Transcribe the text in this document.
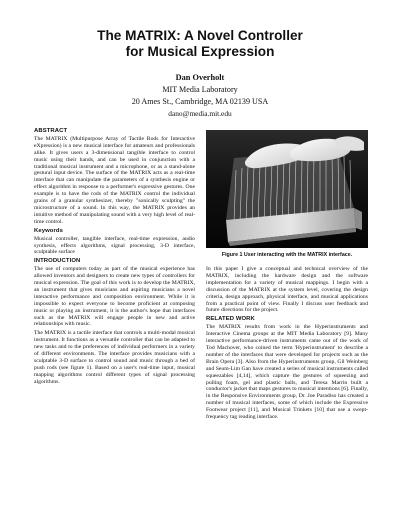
The MATRIX: A Novel Controller
for Musical Expression
Dan Overholt
MIT Media Laboratory
20 Ames St., Cambridge, MA 02139 USA
dano@media.mit.edu
ABSTRACT

The MATRIX (Multipurpose Array of Tactile Rods for Interactive eXpression) is a new musical interface for amateurs and professionals alike. It gives users a 3-dimensional tangible interface to control music using their hands, and can be used in conjunction with a traditional musical instrument and a microphone, or as a stand-alone gestural input device. The surface of the MATRIX acts as a real-time interface that can manipulate the parameters of a synthesis engine or effect algorithm in response to a performer's expressive gestures. One example is to have the rods of the MATRIX control the individual grains of a granular synthesizer, thereby "sonically sculpting" the microstructure of a sound. In this way, the MATRIX provides an intuitive method of manipulating sound with a very high level of real-time control.

Keywords

Musical controller, tangible interface, real-time expression, audio synthesis, effects algorithms, signal processing, 3-D interface, sculptable surface

INTRODUCTION

The use of computers today as part of the musical experience has allowed inventors and designers to create new types of controllers for musical expression. The goal of this work is to develop the MATRIX, an instrument that gives musicians and aspiring musicians a novel interactive performance and composition environment. While it is impossible to expect everyone to become proficient at composing music or playing an instrument, it is the author's hope that interfaces such as the MATRIX will engage people in new and active relationships with music.

The MATRIX is a tactile interface that controls a multi-modal musical instrument. It functions as a versatile controller that can be adapted to new tasks and to the preferences of individual performers in a variety of different environments. The interface provides musicians with a sculptable 3-D surface to control sound and music through a bed of push rods (see figure 1). Based on a user's real-time input, musical mapping algorithms control different types of signal processing algorithms.

Figure 1 User interacting with the MATRIX interface.

In this paper I give a conceptual and technical overview of the MATRIX, including the hardware design and the software implementation for a variety of musical mappings. I begin with a discussion of the MATRIX at the system level, covering the design criteria, design approach, physical interface, and musical applications from a practical point of view. Finally I discuss user feedback and future directions for the project.

RELATED WORK

The MATRIX results from work in the Hyperinstruments and Interactive Cinema groups at the MIT Media Laboratory [9]. Many interactive performance-driven instruments came out of the work of Tod Machover, who coined the term 'Hyperinstrument' to describe a number of the interfaces that were developed for projects such as the Brain Opera [3]. Also from the Hyperinstruments group, Gil Weinberg and Seum-Lim Gan have created a series of musical instruments called squeezables [4,14], which capture the gestures of squeezing and pulling foam, gel and plastic balls, and Teresa Marrin built a conductor's jacket that maps gestures to musical intentions [6]. Finally, in the Responsive Environments group, Dr. Joe Paradiso has created a number of musical interfaces, some of which include the Expressive Footwear project [11], and Musical Trinkets [10] that use a swept-frequency tag reading interface.
